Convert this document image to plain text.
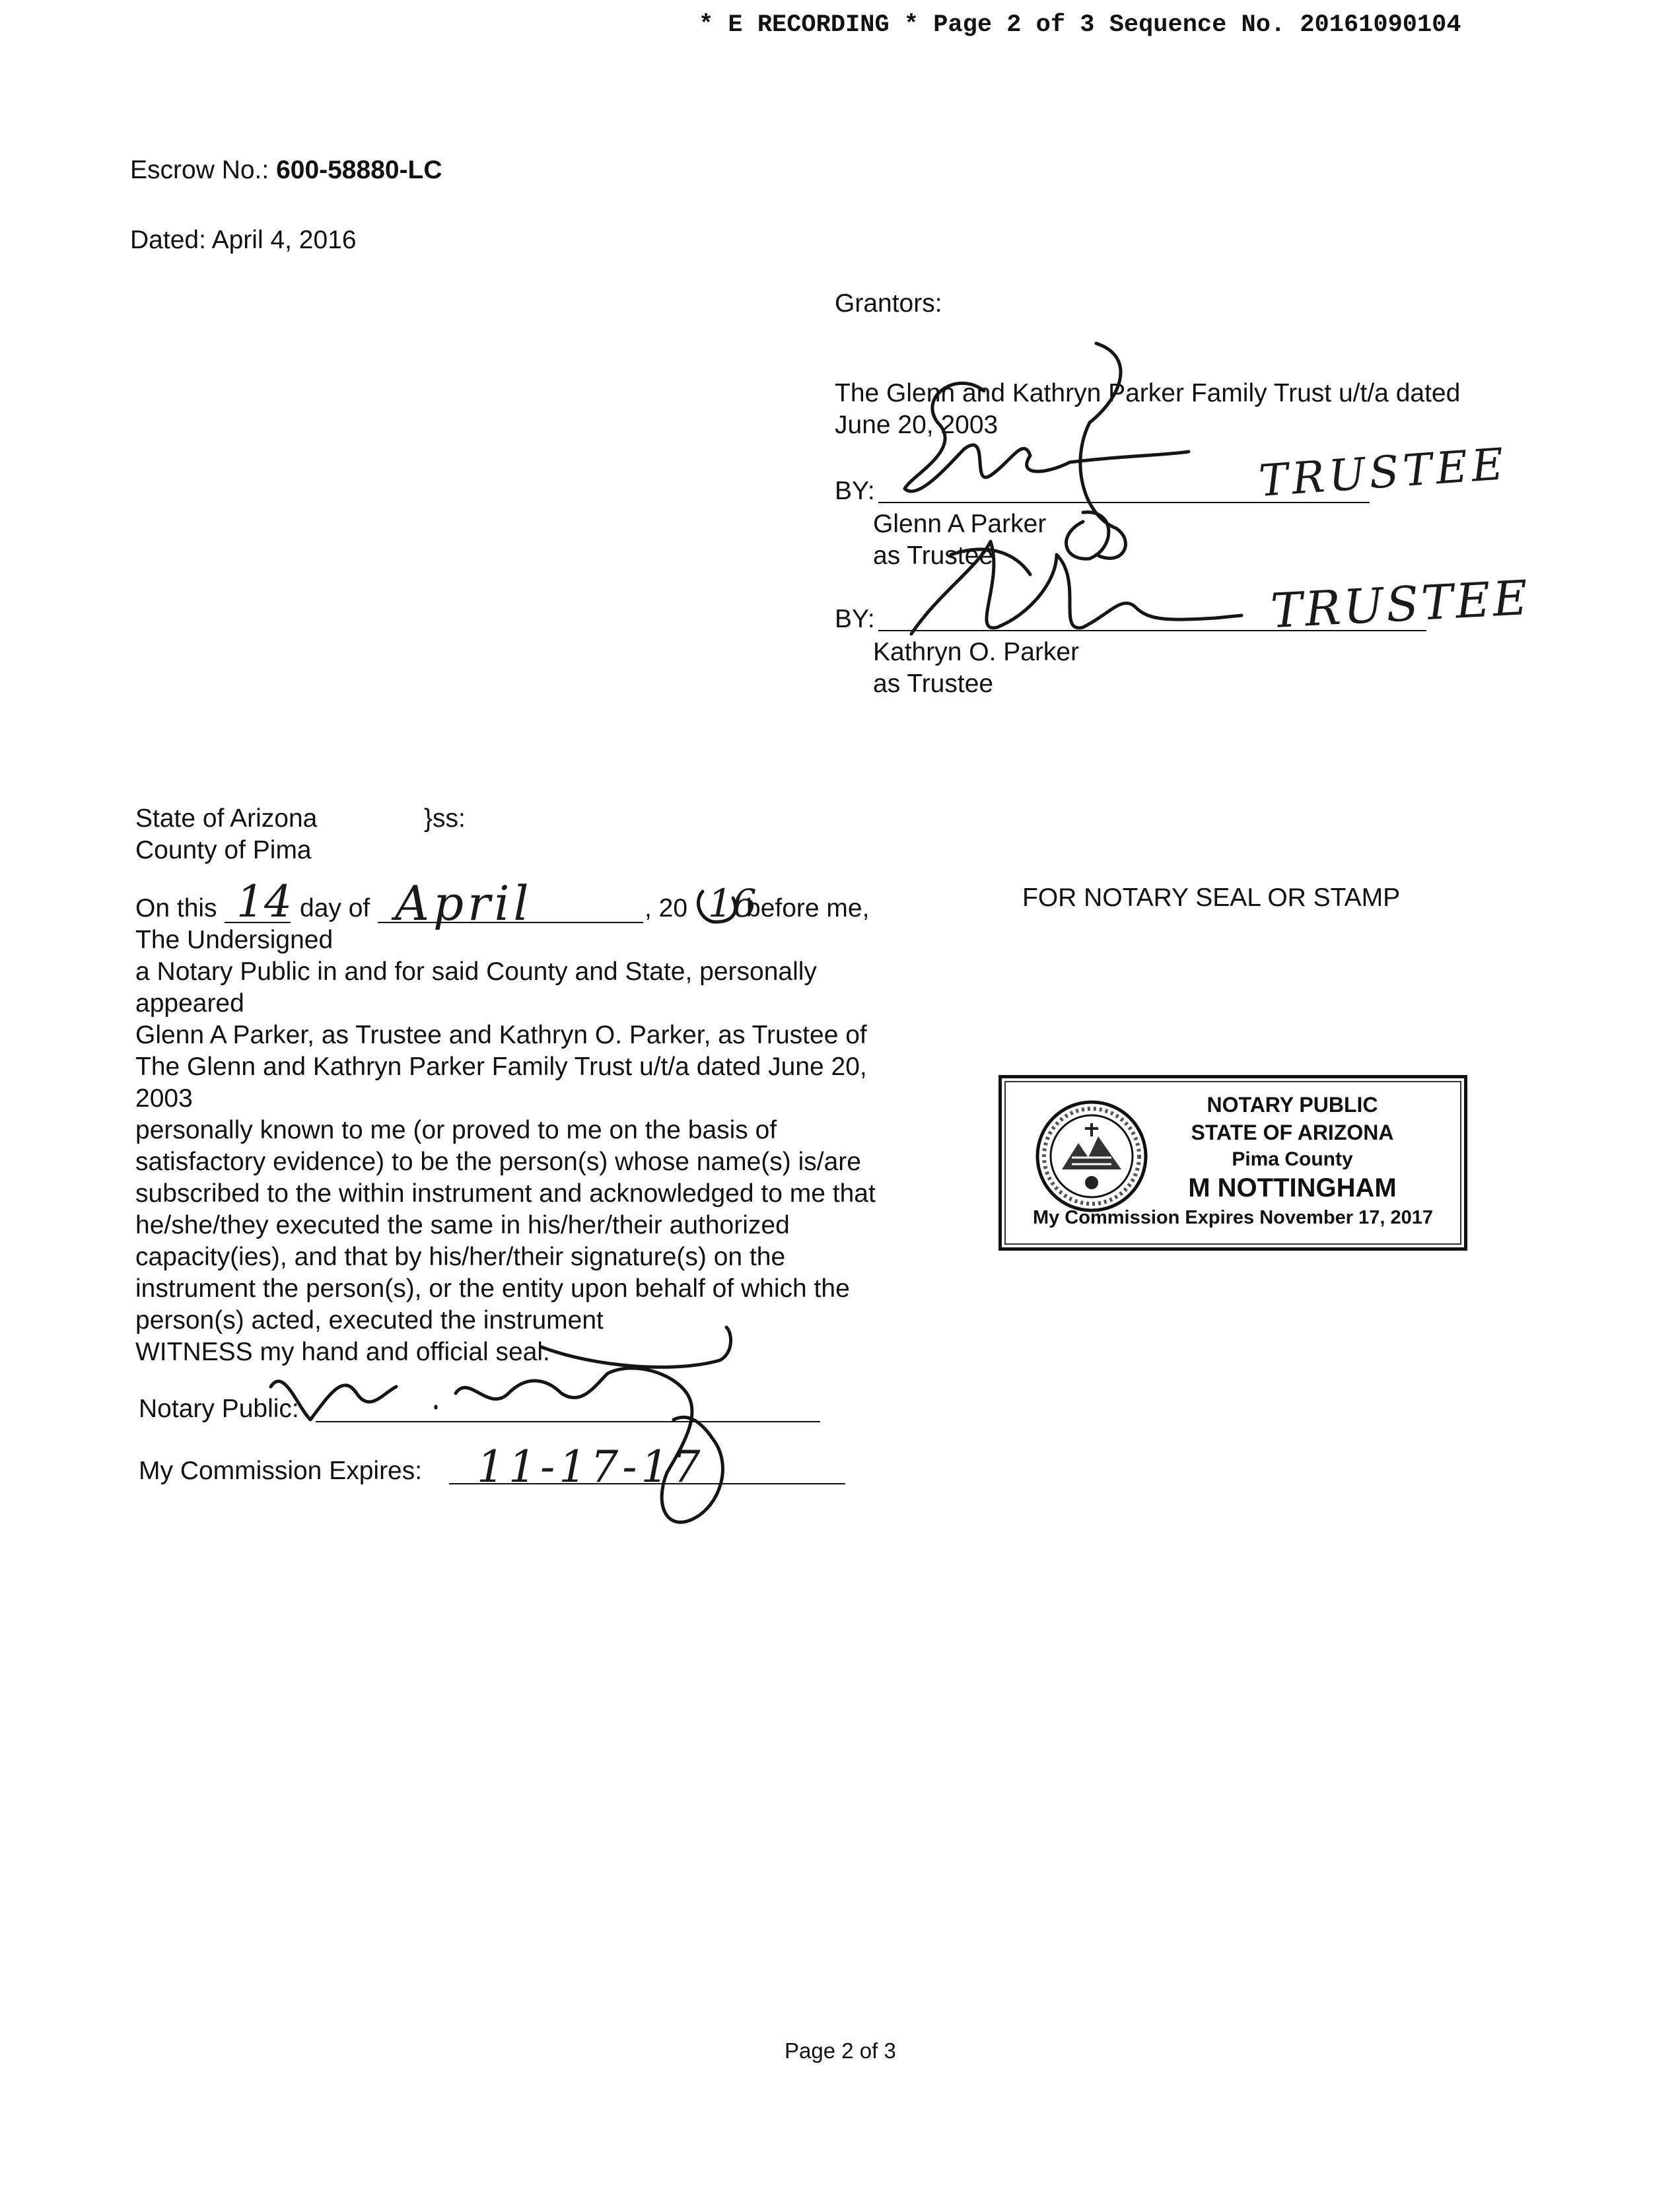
* E RECORDING * Page 2 of 3 Sequence No. 20161090104
Escrow No.: 600-58880-LC
Dated: April 4, 2016
Grantors:
The Glenn and Kathryn Parker Family Trust u/t/a dated
June 20, 2003
BY:
Glenn A Parker
as Trustee
BY:
Kathryn O. Parker
as Trustee
TRUSTEE
TRUSTEE
State of Arizona	}ss:
County of Pima
On this 14 day of April	, 20 16
before me,
The Undersigned
a Notary Public in and for said County and State, personally
appeared
Glenn A Parker, as Trustee and Kathryn O. Parker, as Trustee of
The Glenn and Kathryn Parker Family Trust u/t/a dated June 20,
2003
personally known to me (or proved to me on the basis of
satisfactory evidence) to be the person(s) whose name(s) is/are
subscribed to the within instrument and acknowledged to me that
he/she/they executed the same in his/her/their authorized
capacity(ies), and that by his/her/their signature(s) on the
instrument the person(s), or the entity upon behalf of which the
person(s) acted, executed the instrument
WITNESS my hand and official seal.
Notary Public:
My Commission Expires: 11-17-17
FOR NOTARY SEAL OR STAMP
NOTARY PUBLIC
STATE OF ARIZONA
Pima County
M NOTTINGHAM
My Commission Expires November 17, 2017
Page 2 of 3
